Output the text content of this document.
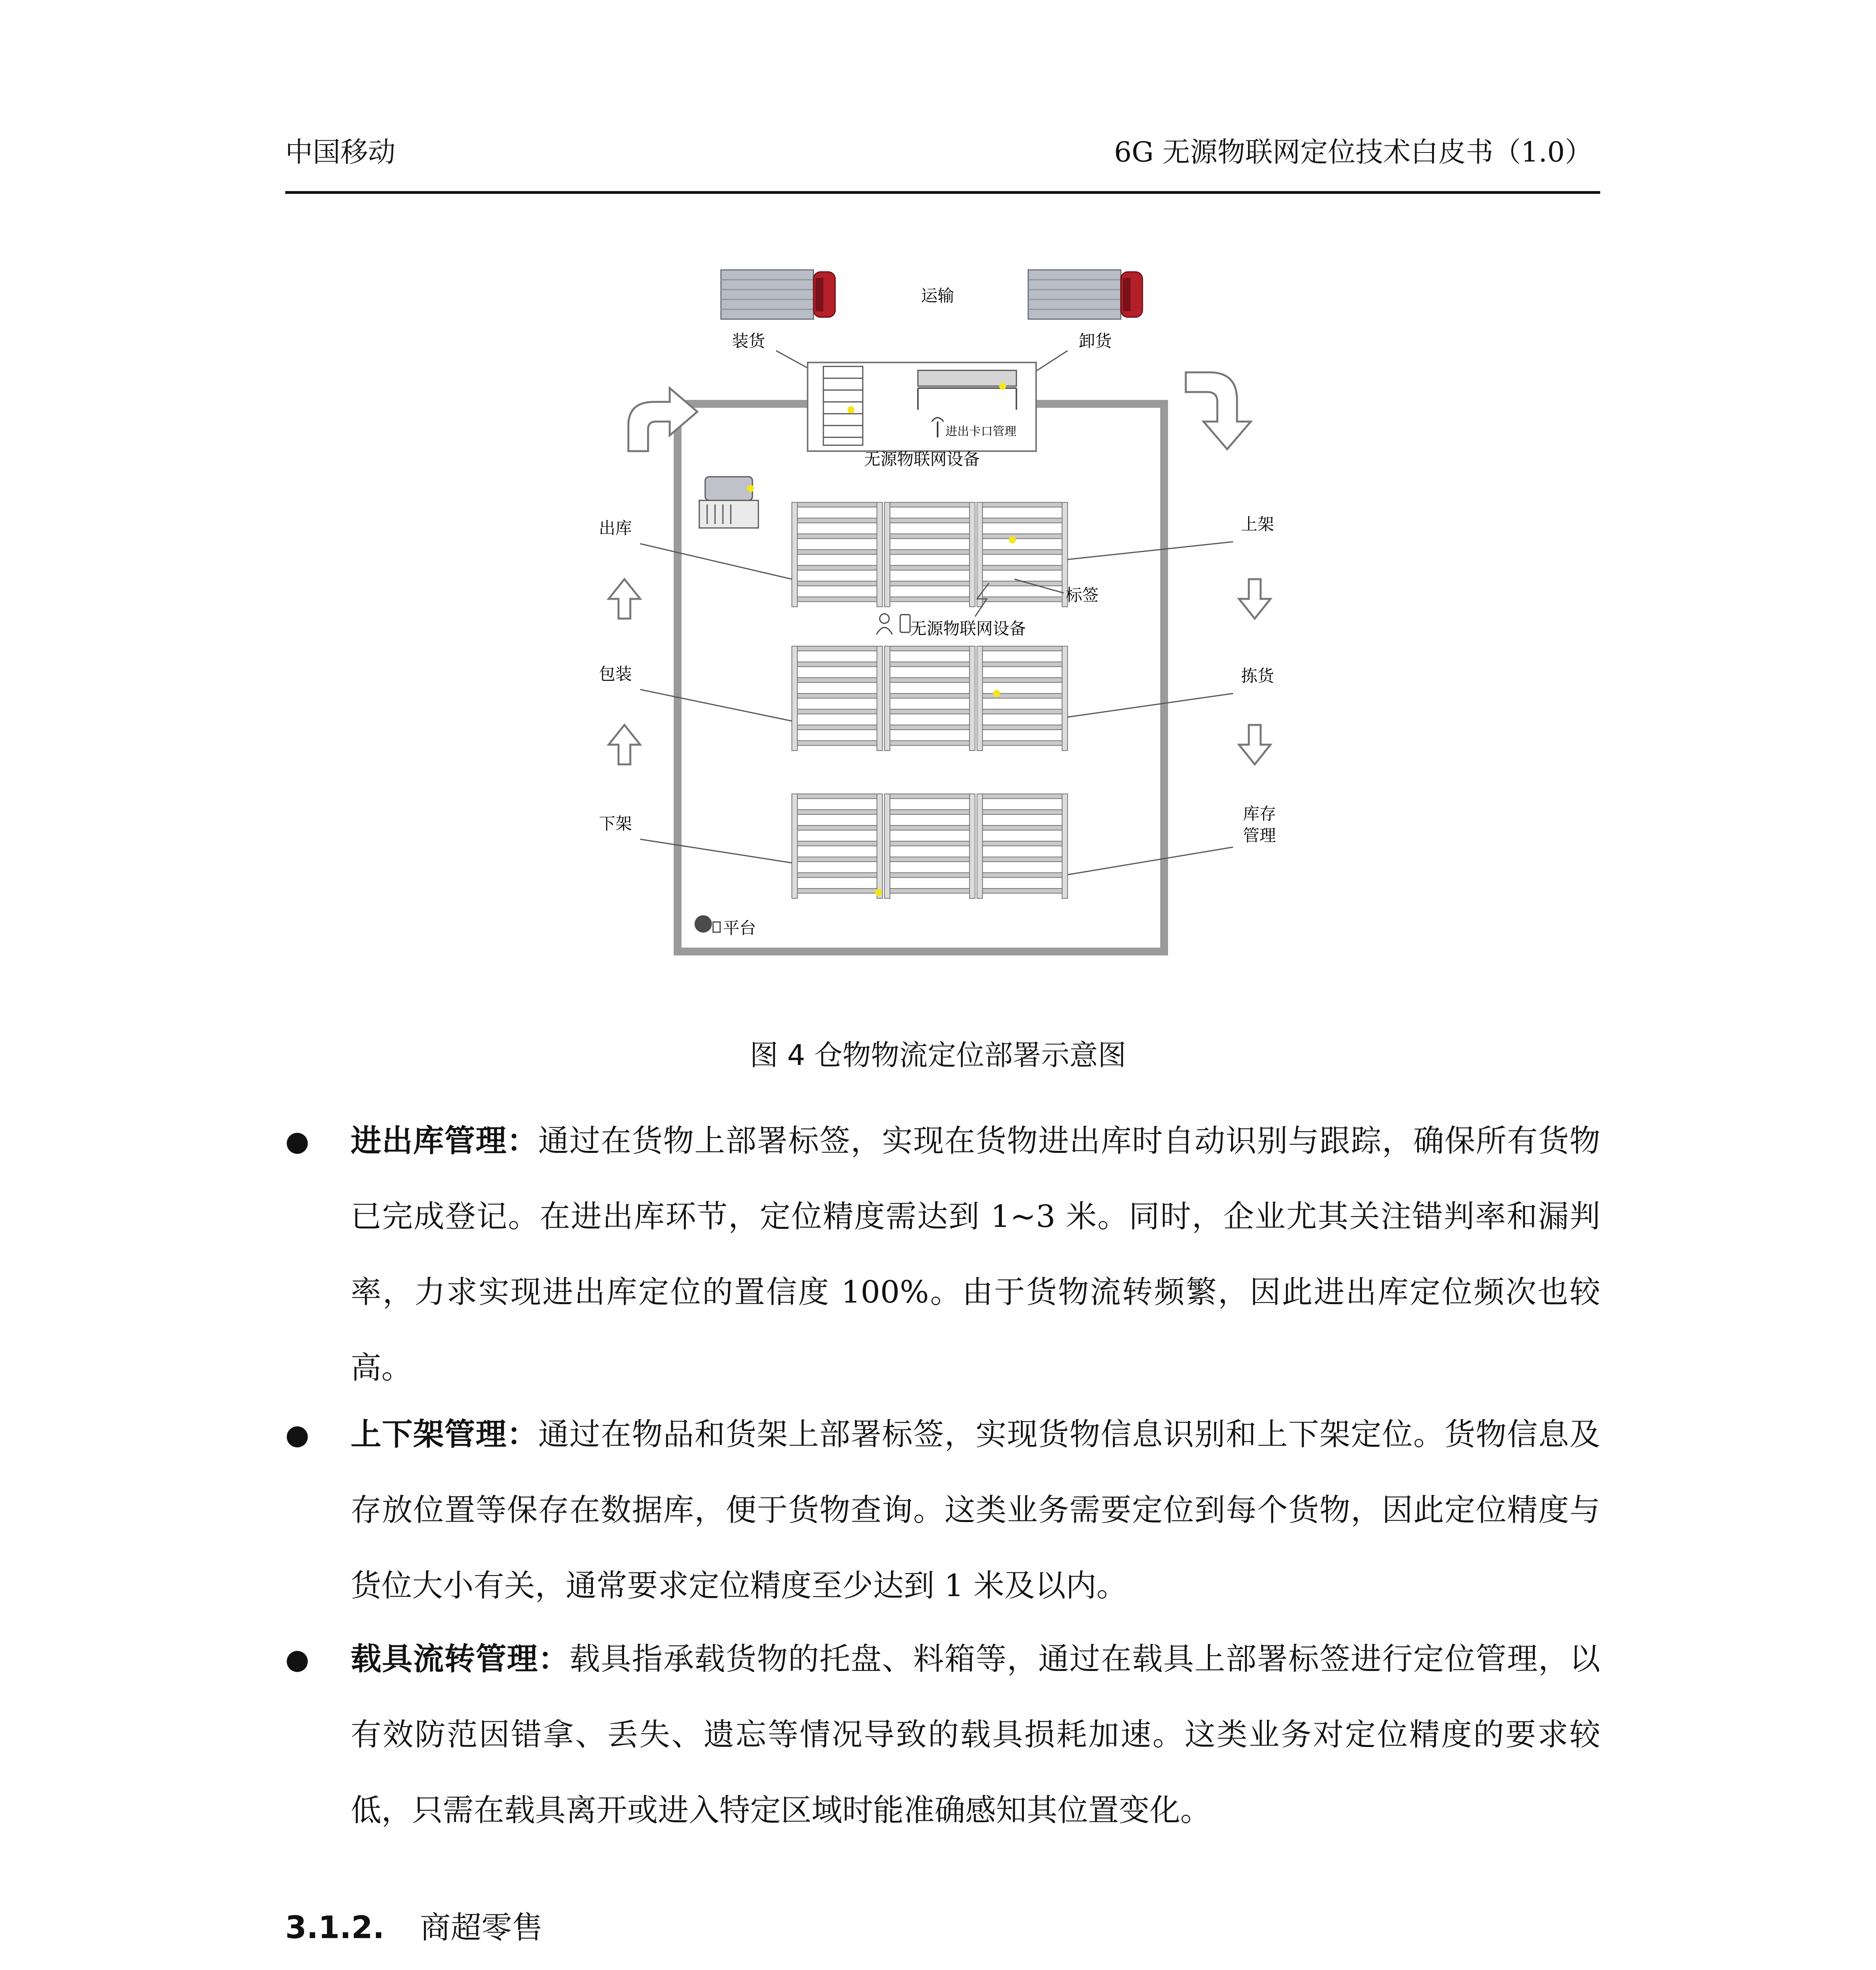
中国移动	6G 无源物联网定位技术白皮书（1.0）
运输
装货	卸货
进出卡口管理
无源物联网设备
出库	上架
标签
无源物联网设备
包装	拣货
下架
库存
管理
平台
图 4 仓物物流定位部署示意图
● 进出库管理：通过在货物上部署标签，实现在货物进出库时自动识别与跟踪，确保所有货物已完成登记。在进出库环节，定位精度需达到 1~3 米。同时，企业尤其关注错判率和漏判率，力求实现进出库定位的置信度 100%。由于货物流转频繁，因此进出库定位频次也较高。
● 上下架管理：通过在物品和货架上部署标签，实现货物信息识别和上下架定位。货物信息及存放位置等保存在数据库，便于货物查询。这类业务需要定位到每个货物，因此定位精度与货位大小有关，通常要求定位精度至少达到 1 米及以内。
● 载具流转管理：载具指承载货物的托盘、料箱等，通过在载具上部署标签进行定位管理，以有效防范因错拿、丢失、遗忘等情况导致的载具损耗加速。这类业务对定位精度的要求较低，只需在载具离开或进入特定区域时能准确感知其位置变化。
3.1.2. 商超零售
